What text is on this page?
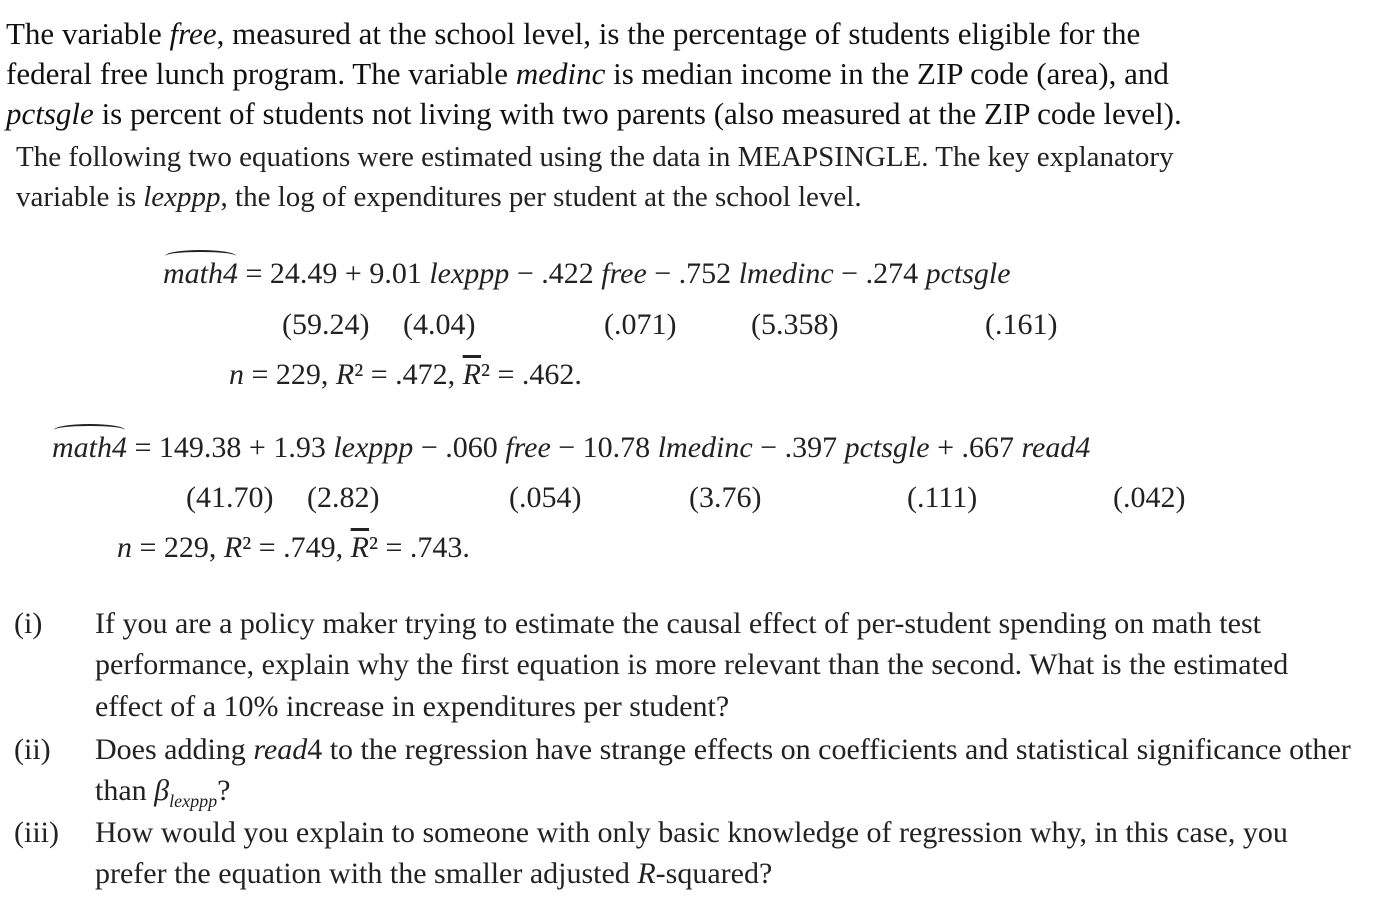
The variable free, measured at the school level, is the percentage of students eligible for the
federal free lunch program. The variable medinc is median income in the ZIP code (area), and
pctsgle is percent of students not living with two parents (also measured at the ZIP code level).
The following two equations were estimated using the data in MEAPSINGLE. The key explanatory
variable is lexppp, the log of expenditures per student at the school level.
math4 = 24.49 + 9.01 lexppp − .422 free − .752 lmedinc − .274 pctsgle
(59.24) (4.04)	(.071) (5.358)	(.161)
n = 229, R² = .472, $\overline{R}^2 = .462$.
math4 = 149.38 + 1.93 lexppp − .060 free − 10.78 lmedinc − .397 pctsgle + .667 read4
(41.70) (2.82)	(.054)	(3.76)	(.111)	(.042)
n = 229, R² = .749, $\overline{R}^2 = .743$.
(i) If you are a policy maker trying to estimate the causal effect of per-student spending on math test performance, explain why the first equation is more relevant than the second. What is the estimated effect of a 10% increase in expenditures per student?
(ii) Does adding read4 to the regression have strange effects on coefficients and statistical significance other than $\beta_{lexppp}$?
(iii) How would you explain to someone with only basic knowledge of regression why, in this case, you prefer the equation with the smaller adjusted R-squared?
